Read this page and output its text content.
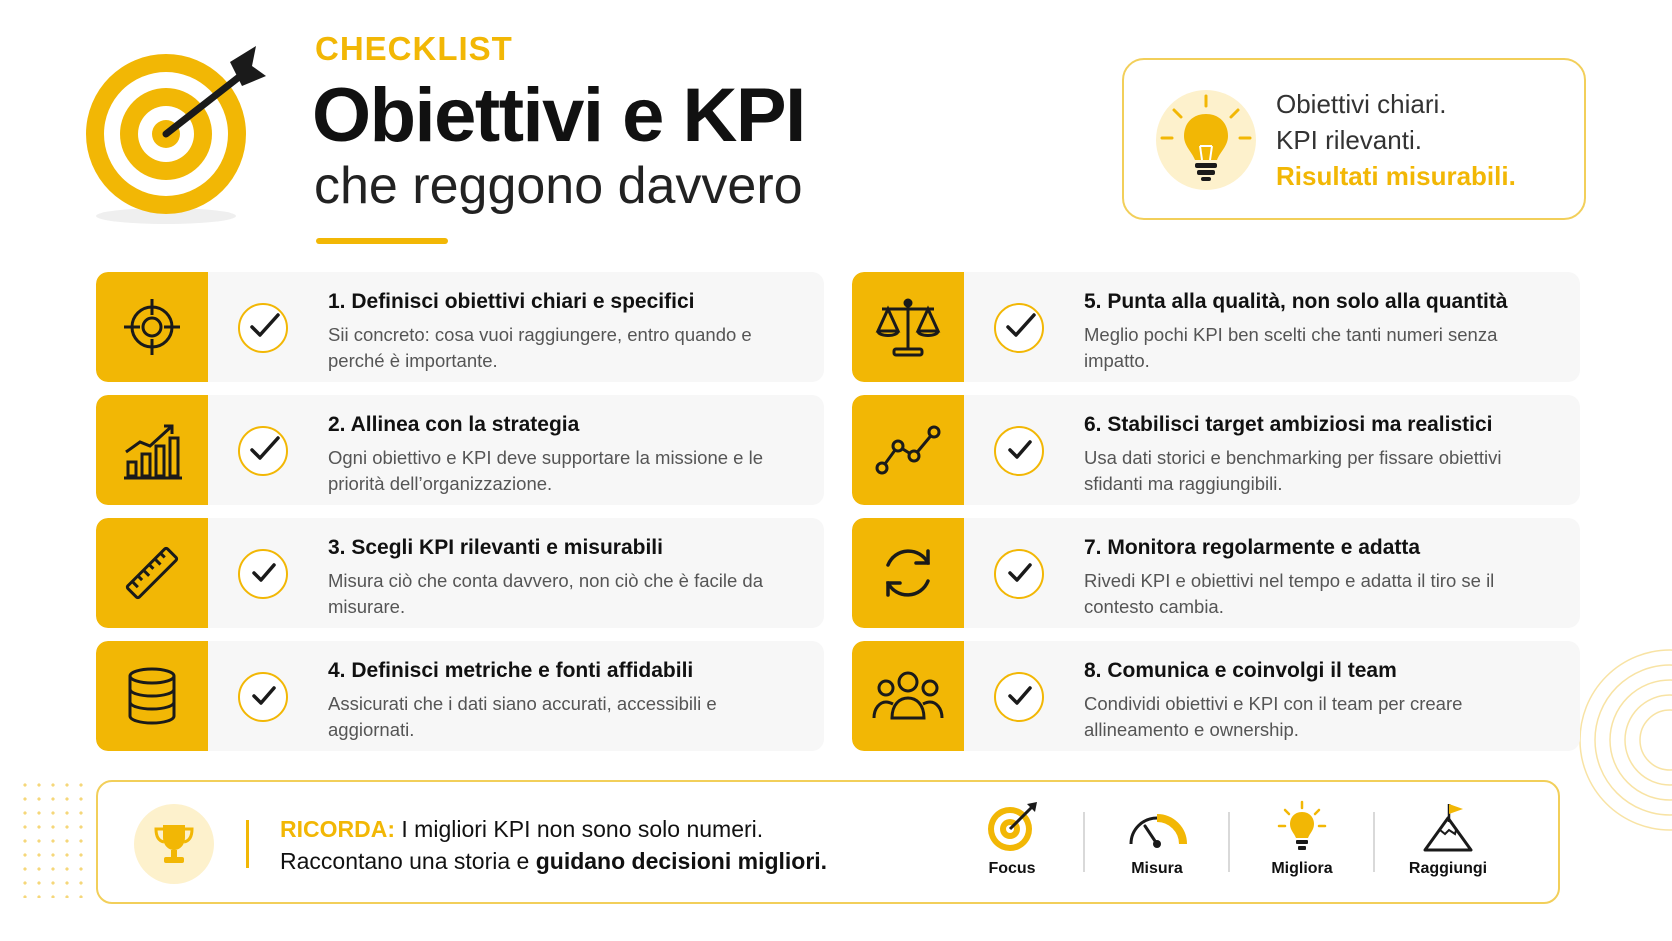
CHECKLIST
Obiettivi e KPI
che reggono davvero
Obiettivi chiari.
KPI rilevanti.
Risultati misurabili.
1. Definisci obiettivi chiari e specifici
Sii concreto: cosa vuoi raggiungere, entro quando e perché è importante.
2. Allinea con la strategia
Ogni obiettivo e KPI deve supportare la missione e le priorità dell’organizzazione.
3. Scegli KPI rilevanti e misurabili
Misura ciò che conta davvero, non ciò che è facile da misurare.
4. Definisci metriche e fonti affidabili
Assicurati che i dati siano accurati, accessibili e aggiornati.
5. Punta alla qualità, non solo alla quantità
Meglio pochi KPI ben scelti che tanti numeri senza impatto.
6. Stabilisci target ambiziosi ma realistici
Usa dati storici e benchmarking per fissare obiettivi sfidanti ma raggiungibili.
7. Monitora regolarmente e adatta
Rivedi KPI e obiettivi nel tempo e adatta il tiro se il contesto cambia.
8. Comunica e coinvolgi il team
Condividi obiettivi e KPI con il team per creare allineamento e ownership.
RICORDA: I migliori KPI non sono solo numeri.
Raccontano una storia e guidano decisioni migliori.	Focus	Misura	Migliora	Raggiungi
